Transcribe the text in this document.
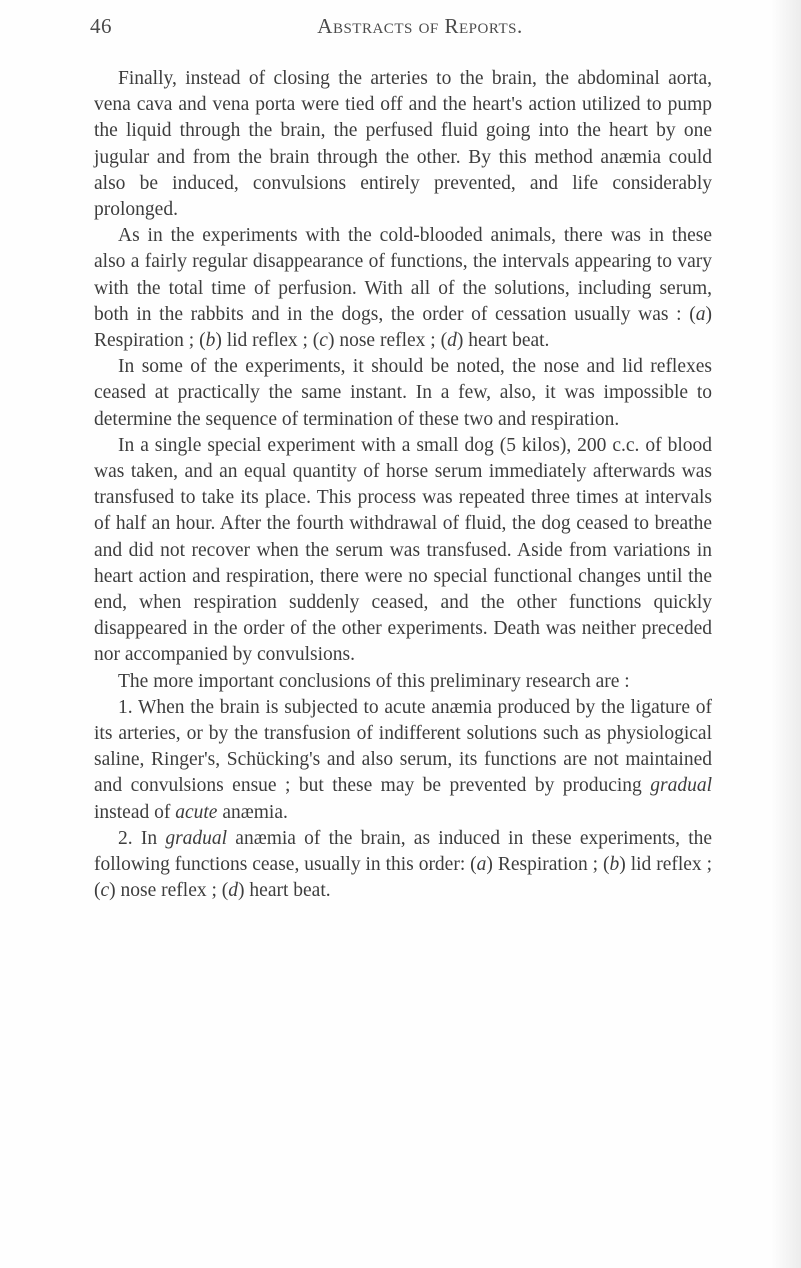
46	Abstracts of Reports.

Finally, instead of closing the arteries to the brain, the abdominal aorta, vena cava and vena porta were tied off and the heart's action utilized to pump the liquid through the brain, the perfused fluid going into the heart by one jugular and from the brain through the other. By this method anæmia could also be induced, convulsions entirely prevented, and life considerably prolonged.

As in the experiments with the cold-blooded animals, there was in these also a fairly regular disappearance of functions, the intervals appearing to vary with the total time of perfusion. With all of the solutions, including serum, both in the rabbits and in the dogs, the order of cessation usually was : (a) Respiration ; (b) lid reflex ; (c) nose reflex ; (d) heart beat.

In some of the experiments, it should be noted, the nose and lid reflexes ceased at practically the same instant. In a few, also, it was impossible to determine the sequence of termination of these two and respiration.

In a single special experiment with a small dog (5 kilos), 200 c.c. of blood was taken, and an equal quantity of horse serum immediately afterwards was transfused to take its place. This process was repeated three times at intervals of half an hour. After the fourth withdrawal of fluid, the dog ceased to breathe and did not recover when the serum was transfused. Aside from variations in heart action and respiration, there were no special functional changes until the end, when respiration suddenly ceased, and the other functions quickly disappeared in the order of the other experiments. Death was neither preceded nor accompanied by convulsions.

The more important conclusions of this preliminary research are :

1. When the brain is subjected to acute anæmia produced by the ligature of its arteries, or by the transfusion of indifferent solutions such as physiological saline, Ringer's, Schücking's and also serum, its functions are not maintained and convulsions ensue ; but these may be prevented by producing gradual instead of acute anæmia.

2. In gradual anæmia of the brain, as induced in these experiments, the following functions cease, usually in this order: (a) Respiration ; (b) lid reflex ; (c) nose reflex ; (d) heart beat.
